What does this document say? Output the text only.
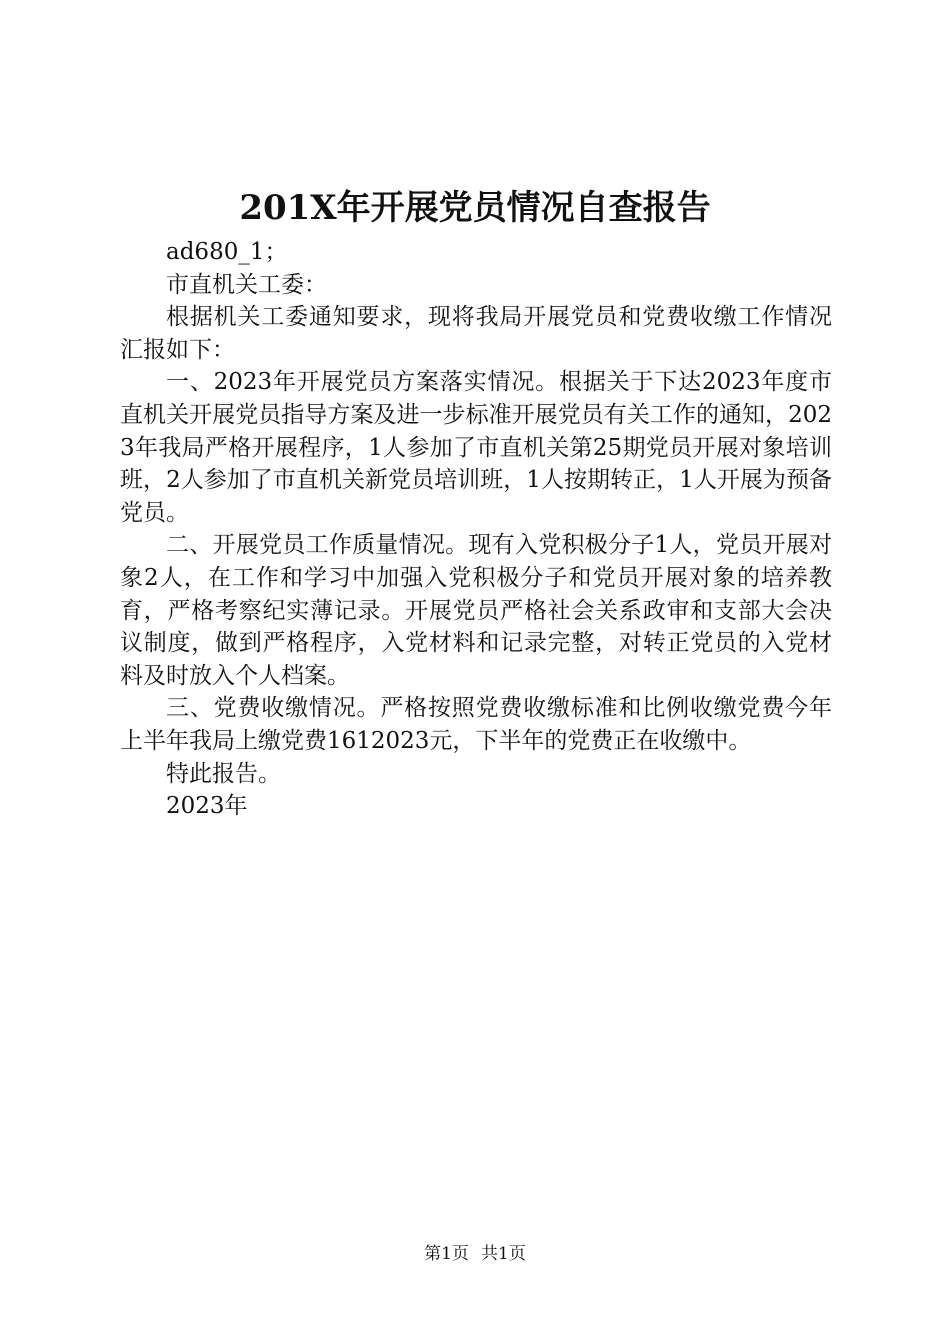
201X年开展党员情况自查报告

ad680_1；

市直机关工委：

根据机关工委通知要求，现将我局开展党员和党费收缴工作情况汇报如下：

一、2023年开展党员方案落实情况。根据关于下达2023年度市直机关开展党员指导方案及进一步标准开展党员有关工作的通知，2023年我局严格开展程序，1人参加了市直机关第25期党员开展对象培训班，2人参加了市直机关新党员培训班，1人按期转正，1人开展为预备党员。

二、开展党员工作质量情况。现有入党积极分子1人，党员开展对象2人，在工作和学习中加强入党积极分子和党员开展对象的培养教育，严格考察纪实薄记录。开展党员严格社会关系政审和支部大会决议制度，做到严格程序，入党材料和记录完整，对转正党员的入党材料及时放入个人档案。

三、党费收缴情况。严格按照党费收缴标准和比例收缴党费今年上半年我局上缴党费1612023元，下半年的党费正在收缴中。

特此报告。

2023年

第1页 共1页
